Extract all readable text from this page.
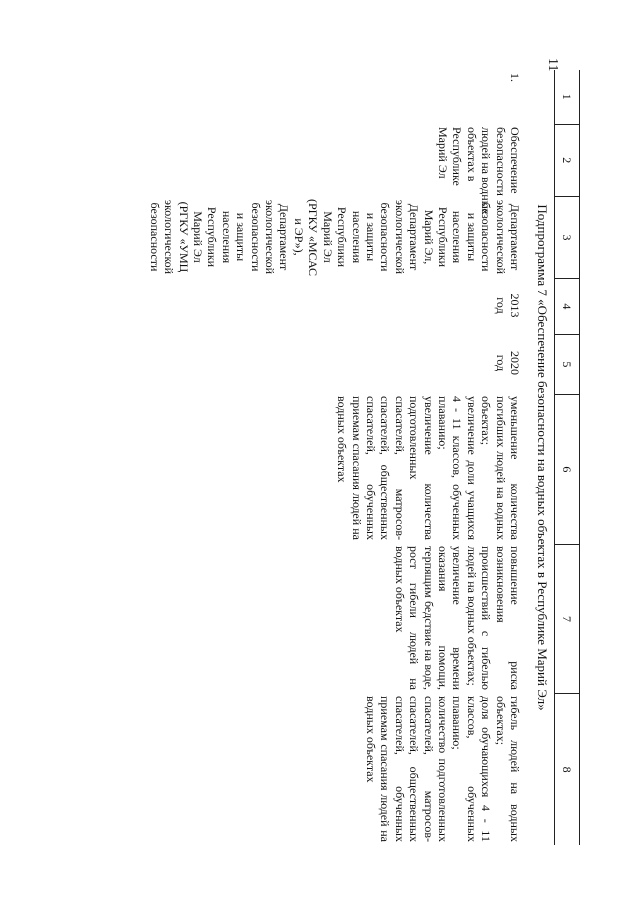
11
1
2
3
4
5
6
7
8
Подпрограмма 7 «Обеспечение безопасности на водных объектах в Республике Марий Эл»
1.
Обеспечение
безопасности
людей на водных
объектах в
Республике
Марий Эл
Департамент
экологической
безопасности
и защиты
населения
Республики
Марий Эл,
Департамент
экологической
безопасности
и защиты
населения
Республики
Марий Эл
(РГКУ «МСАС
и ЭР»),
Департамент
экологической
безопасности
и защиты
населения
Республики
Марий Эл
(РГКУ «УМЦ
экологической
безопасности
2013
год
2020
год
уменьшение количества погибших людей на водных объектах;
увеличение доли учащихся 4 - 11 классов, обученных плаванию;
увеличение количества подготовленных спасателей, матросов-спасателей, общественных спасателей, обученных приемам спасания людей на водных объектах
повышение риска возникновения происшествий с гибелью людей на водных объектах;
увеличение времени оказания помощи, терпящим бедствие на воде, рост гибели людей на водных объектах
гибель людей на водных объектах;
доля обучающихся 4 - 11 классов, обученных плаванию;
количество подготовленных спасателей, матросов-спасателей, общественных спасателей, обученных приемам спасания людей на водных объектах
